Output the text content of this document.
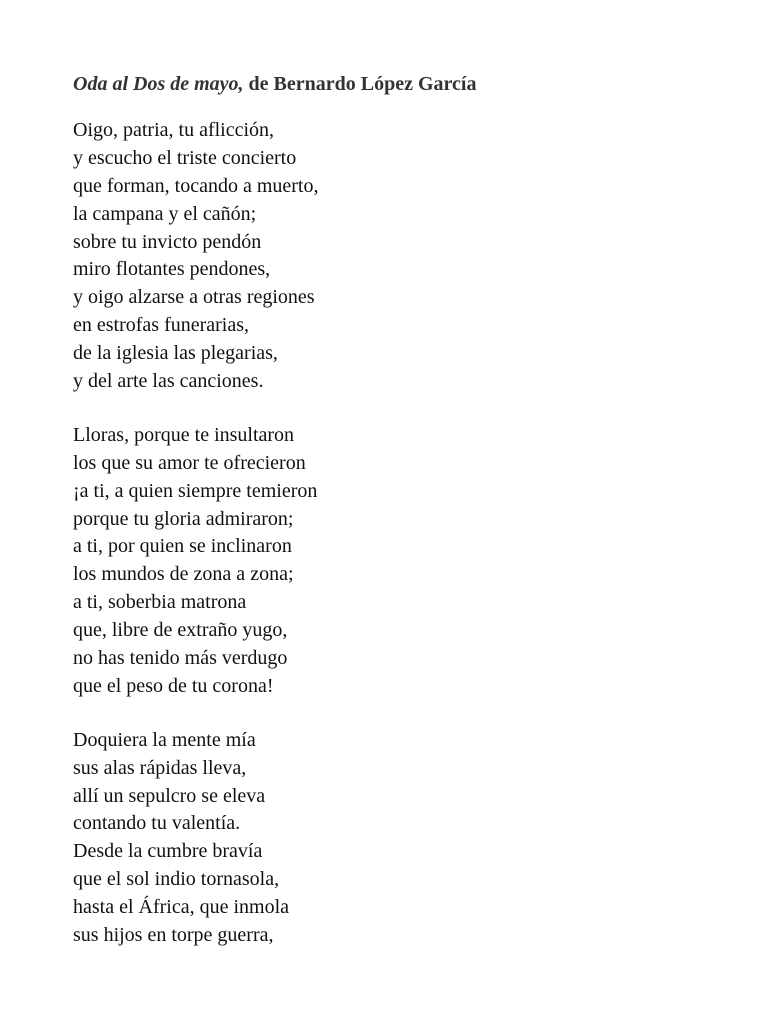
Oda al Dos de mayo, de Bernardo López García
Oigo, patria, tu aflicción,
y escucho el triste concierto
que forman, tocando a muerto,
la campana y el cañón;
sobre tu invicto pendón
miro flotantes pendones,
y oigo alzarse a otras regiones
en estrofas funerarias,
de la iglesia las plegarias,
y del arte las canciones.
Lloras, porque te insultaron
los que su amor te ofrecieron
¡a ti, a quien siempre temieron
porque tu gloria admiraron;
a ti, por quien se inclinaron
los mundos de zona a zona;
a ti, soberbia matrona
que, libre de extraño yugo,
no has tenido más verdugo
que el peso de tu corona!
Doquiera la mente mía
sus alas rápidas lleva,
allí un sepulcro se eleva
contando tu valentía.
Desde la cumbre bravía
que el sol indio tornasola,
hasta el África, que inmola
sus hijos en torpe guerra,
